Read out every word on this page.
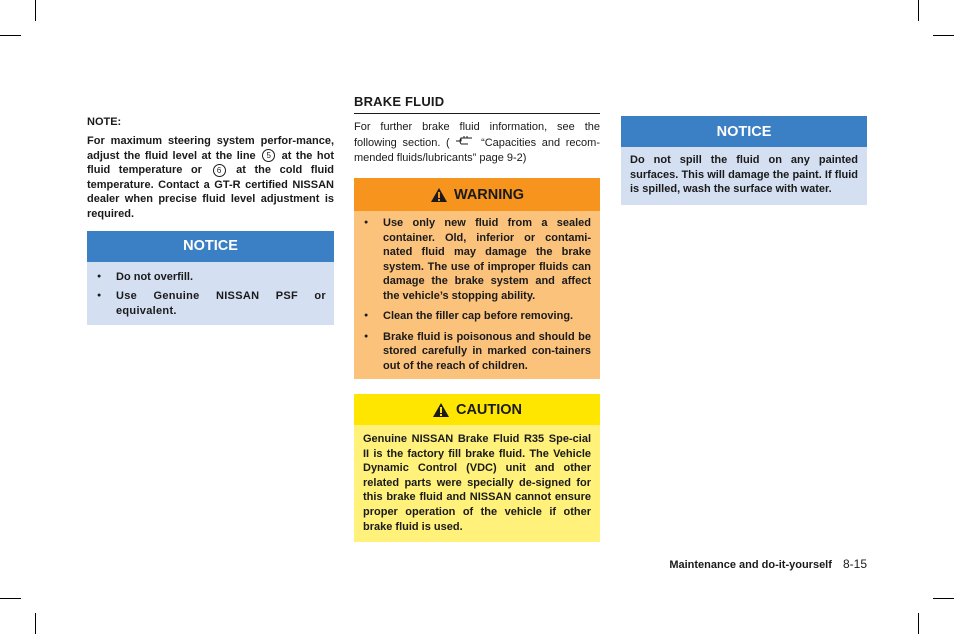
NOTE:

For maximum steering system perfor-mance, adjust the fluid level at the line 5 at the hot fluid temperature or 6 at the cold fluid temperature. Contact a GT-R certified NISSAN dealer when precise fluid level adjustment is required.

NOTICE
● Do not overfill.
● Use Genuine NISSAN PSF or equivalent.
BRAKE FLUID

For further brake fluid information, see the following section. (	“Capacities and recom-mended fluids/lubricants” page 9-2)

WARNING
● Use only new fluid from a sealed container. Old, inferior or contami-nated fluid may damage the brake system. The use of improper fluids can damage the brake system and affect the vehicle’s stopping ability.
● Clean the filler cap before removing.
● Brake fluid is poisonous and should be stored carefully in marked con-tainers out of the reach of children.
CAUTION

Genuine NISSAN Brake Fluid R35 Spe-cial II is the factory fill brake fluid. The Vehicle Dynamic Control (VDC) unit and other related parts were specially de-signed for this brake fluid and NISSAN cannot ensure proper operation of the vehicle if other brake fluid is used.

NOTICE

Do not spill the fluid on any painted surfaces. This will damage the paint. If fluid is spilled, wash the surface with water.

Maintenance and do-it-yourself 8-15
